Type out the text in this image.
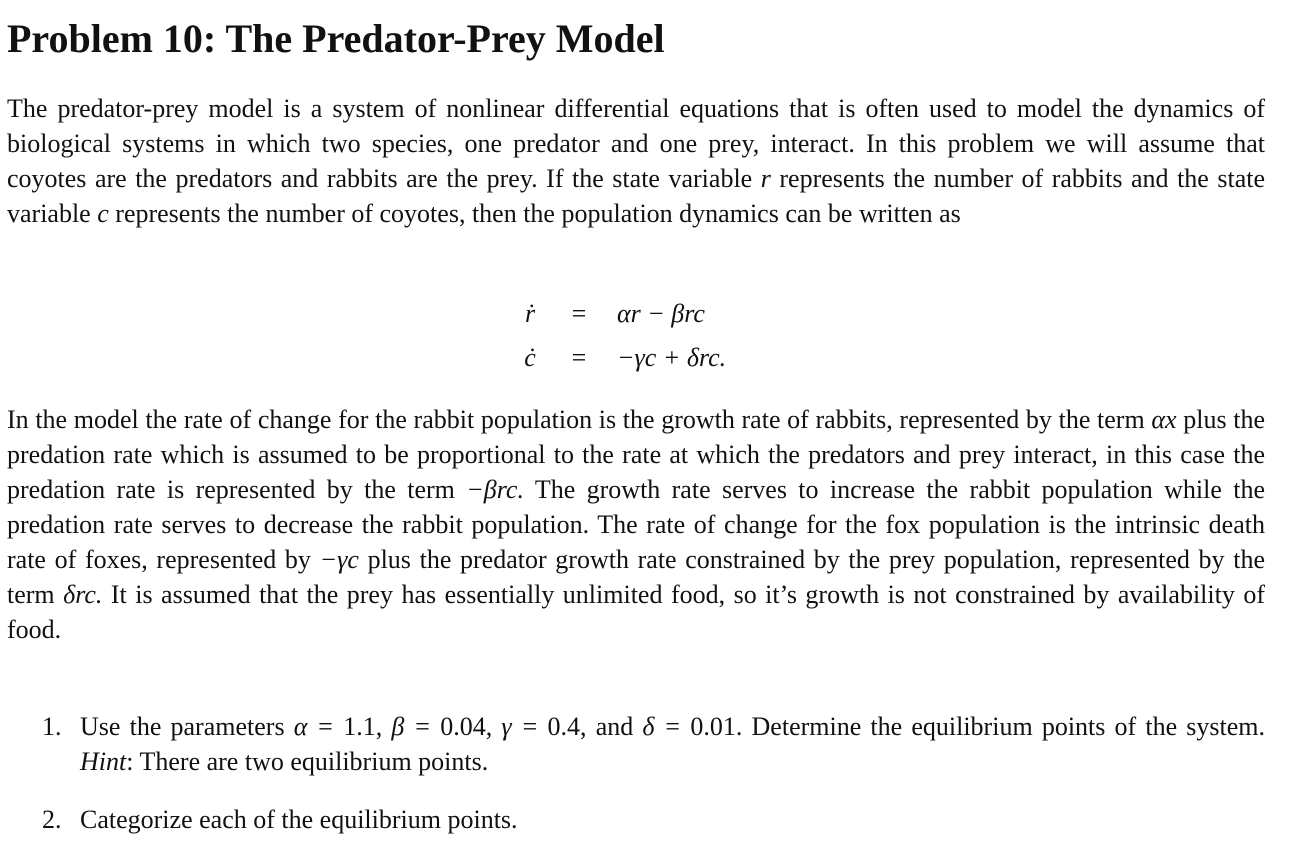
Problem 10: The Predator-Prey Model

The predator-prey model is a system of nonlinear differential equations that is often used to model the dynamics of biological systems in which two species, one predator and one prey, interact. In this problem we will assume that coyotes are the predators and rabbits are the prey. If the state variable r represents the number of rabbits and the state variable c represents the number of coyotes, then the population dynamics can be written as

ṙ = αr − βrc
ċ = −γc + δrc.

In the model the rate of change for the rabbit population is the growth rate of rabbits, represented by the term αx plus the predation rate which is assumed to be proportional to the rate at which the predators and prey interact, in this case the predation rate is represented by the term −βrc. The growth rate serves to increase the rabbit population while the predation rate serves to decrease the rabbit population. The rate of change for the fox population is the intrinsic death rate of foxes, represented by −γc plus the predator growth rate constrained by the prey population, represented by the term δrc. It is assumed that the prey has essentially unlimited food, so it’s growth is not constrained by availability of food.

1. Use the parameters α = 1.1, β = 0.04, γ = 0.4, and δ = 0.01. Determine the equilibrium points of the system. Hint: There are two equilibrium points.
2. Categorize each of the equilibrium points.
